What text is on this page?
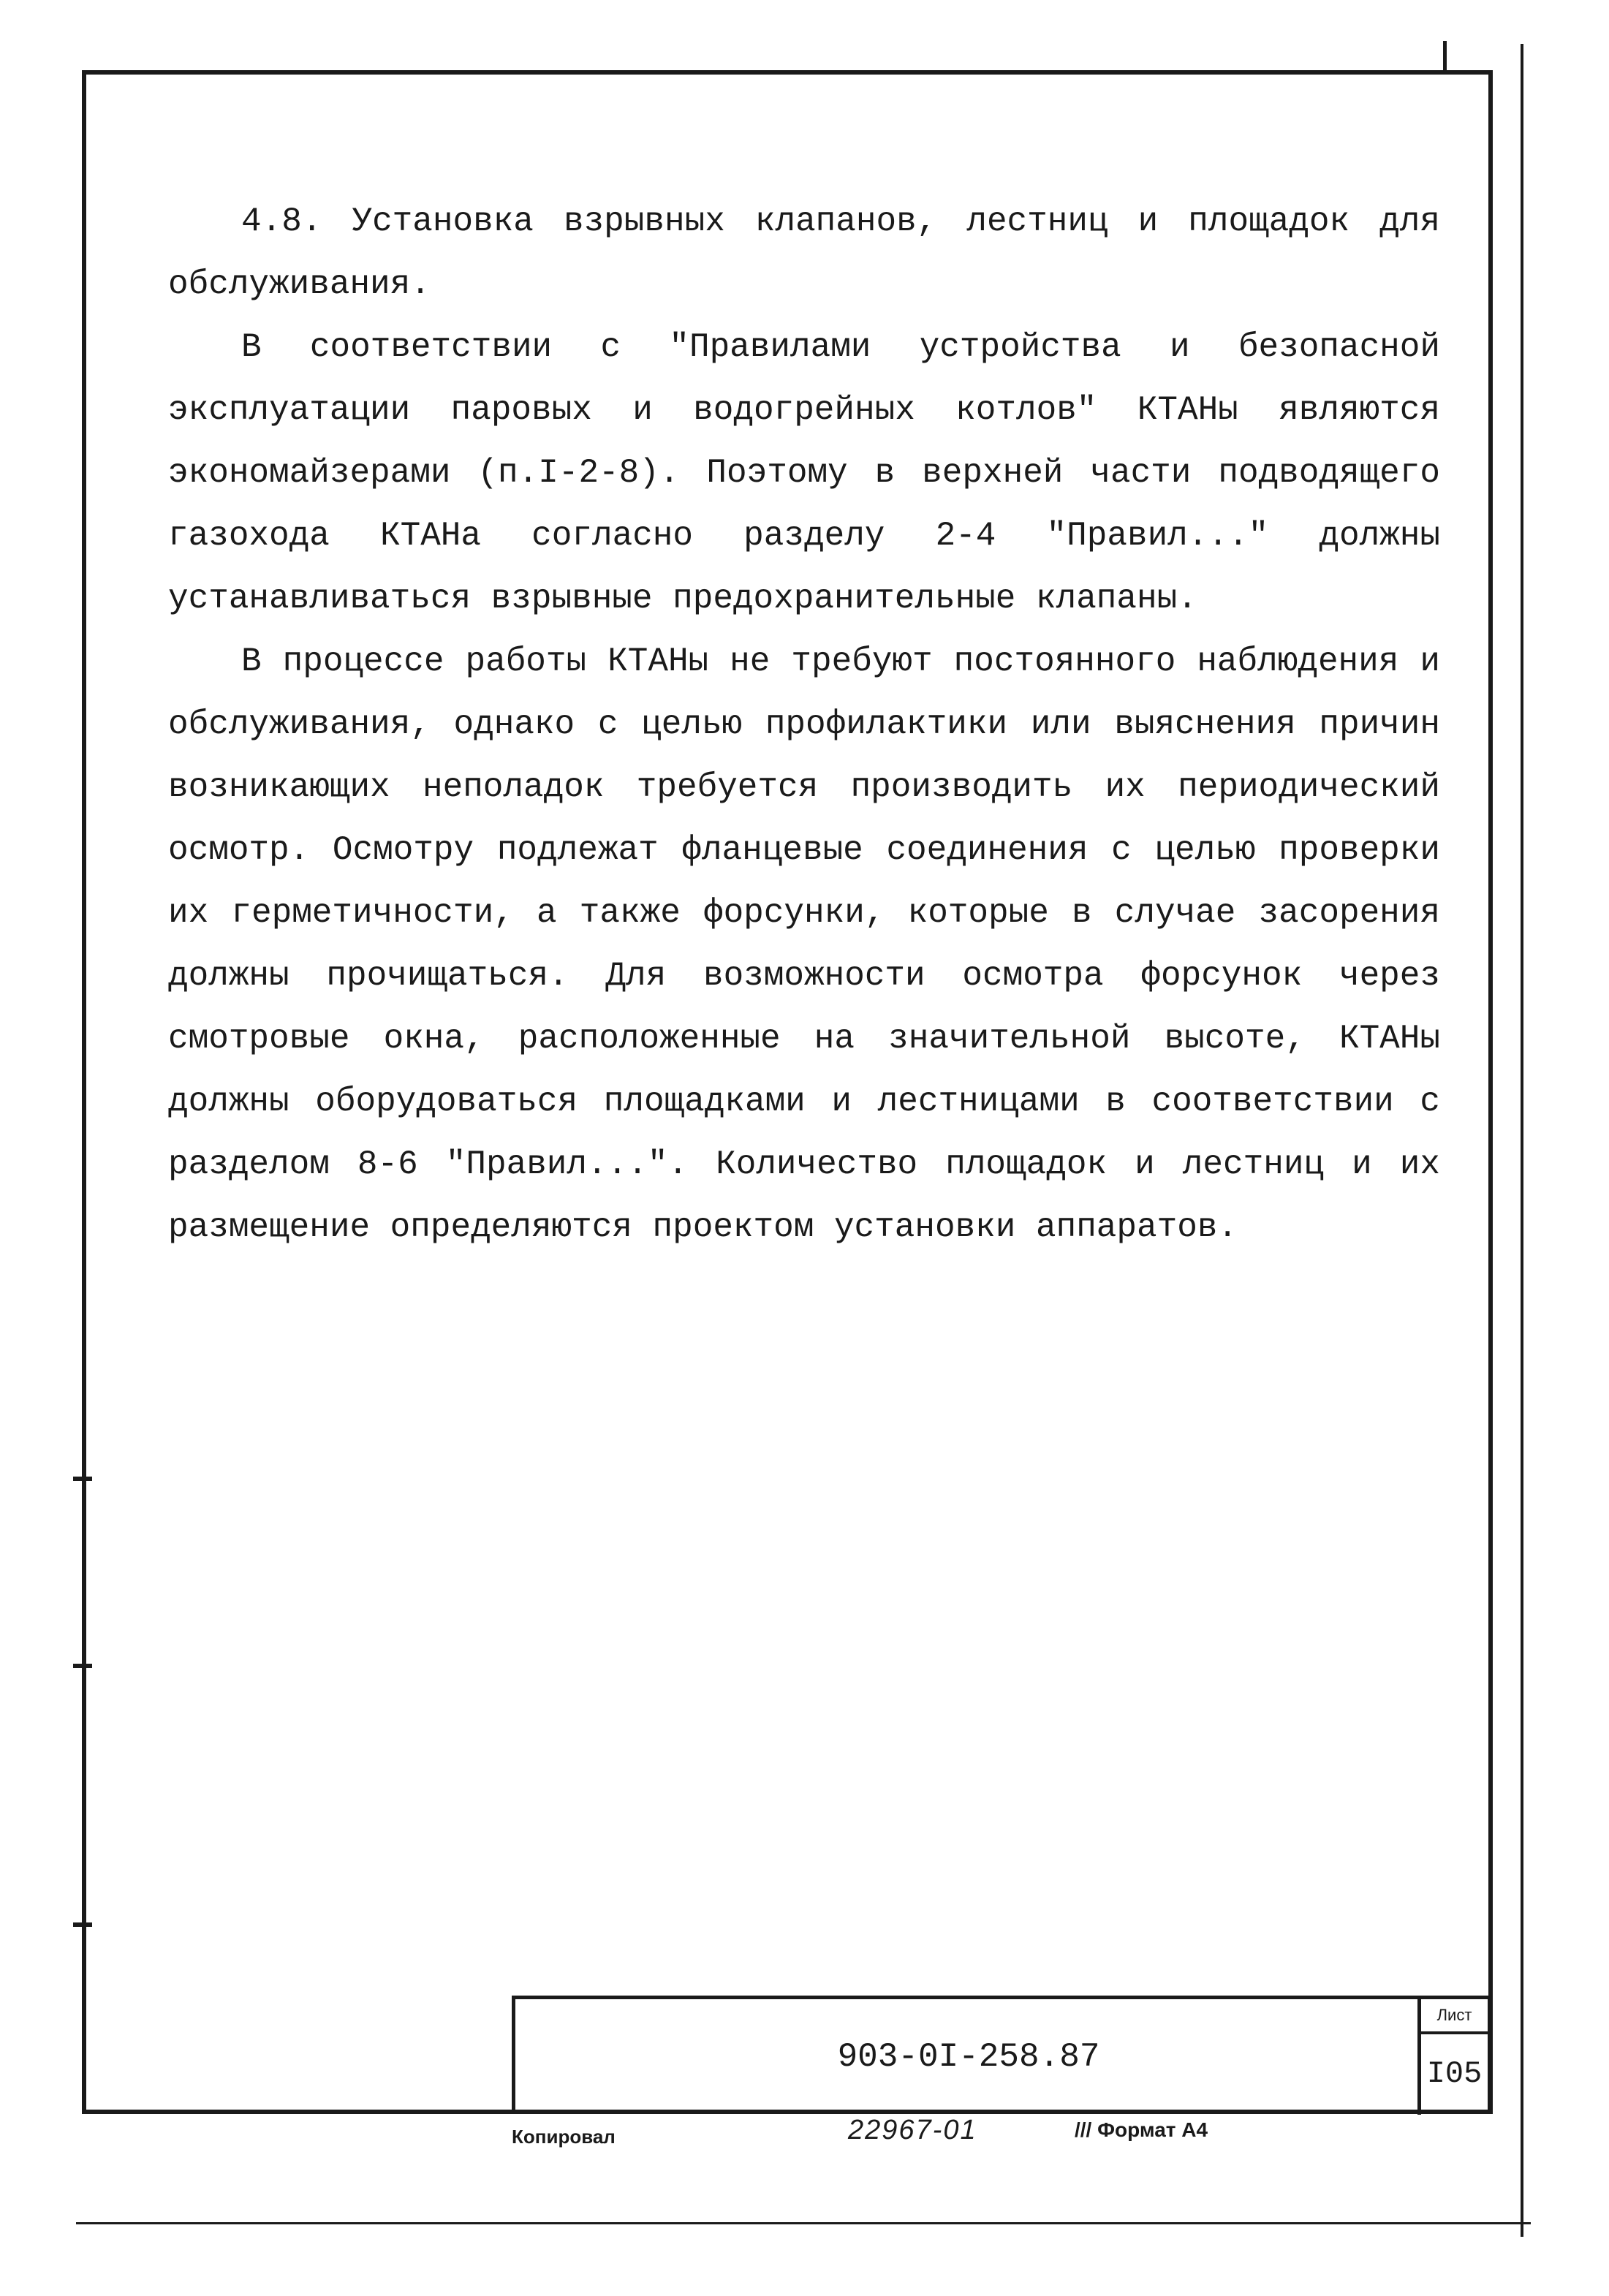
4.8. Установка взрывных клапанов, лестниц и площадок для обслуживания.

В соответствии с "Правилами устройства и безопасной эксплуатации паровых и водогрейных котлов" КТАНы являются экономайзерами (п.I-2-8). Поэтому в верхней части подводящего газохода КТАНа согласно разделу 2-4 "Правил..." должны устанавливаться взрывные предохранительные клапаны.

В процессе работы КТАНы не требуют постоянного наблюдения и обслуживания, однако с целью профилактики или выяснения причин возникающих неполадок требуется производить их периодический осмотр. Осмотру подлежат фланцевые соединения с целью проверки их герметичности, а также форсунки, которые в случае засорения должны прочищаться. Для возможности осмотра форсунок через смотровые окна, расположенные на значительной высоте, КТАНы должны оборудоваться площадками и лестницами в соответствии с разделом 8-6 "Правил...". Количество площадок и лестниц и их размещение определяются проектом установки аппаратов.

903-0I-258.87
Лист
I05
Копировал	22967-01	/// Формат А4
